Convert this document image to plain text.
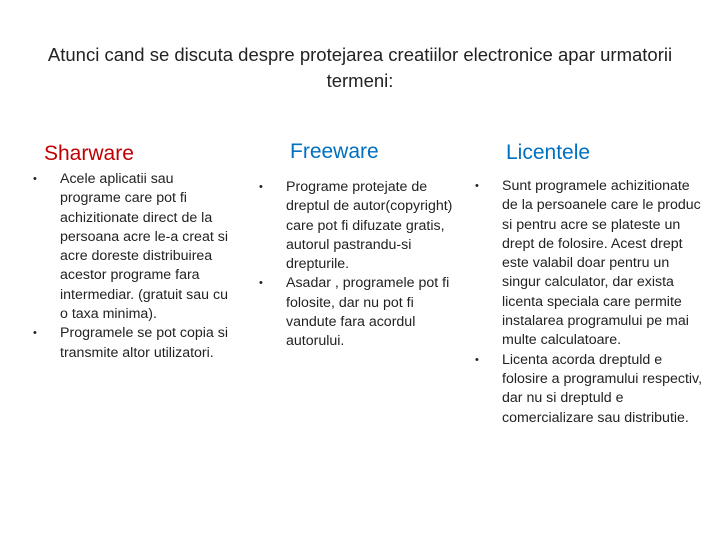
Atunci cand se discuta despre protejarea creatiilor electronice apar urmatorii termeni:
Sharware	Freeware	Licentele
• Acele aplicatii sau programe care pot fi achizitionate direct de la persoana acre le-a creat si acre doreste distribuirea acestor programe fara intermediar. (gratuit sau cu o taxa minima).
• Programele se pot copia si transmite altor utilizatori.
• Programe protejate de dreptul de autor(copyright) care pot fi difuzate gratis, autorul pastrandu-si drepturile.
• Asadar , programele pot fi folosite, dar nu pot fi vandute fara acordul autorului.
• Sunt programele achizitionate de la persoanele care le produc si pentru acre se plateste un drept de folosire. Acest drept este valabil doar pentru un singur calculator, dar exista licenta speciala care permite instalarea programului pe mai multe calculatoare.
• Licenta acorda dreptuld e folosire a programului respectiv, dar nu si dreptuld e comercializare sau distributie.
